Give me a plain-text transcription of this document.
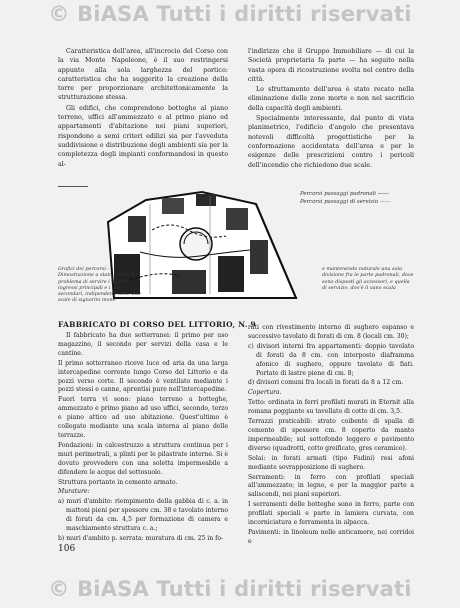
© BiASA Tutti i diritti riservati

Caratteristica dell'area, all'incrocio del Corso con la via Monte Napoleone, è il suo restringersi appunto alla sola larghezza del portico: caratteristica che ha suggerito la creazione della torre per proporzionare architettonicamente la strutturazione stessa.

Gli edifici, che comprendono botteghe al piano terreno, uffici all'ammezzato e al primo piano ed appartamenti d'abitazione nei piani superiori, rispondono a semi criteri edilizi sia per l'avveduta suddivisione e distribuzione degli ambienti sia per la completezza degli impianti conformandosi in questo al-

l'indirizzo che il Gruppo Immobiliare — di cui la Società proprietaria fa parte — ha seguito nella vasta opera di ricostruzione svolta nel centro della città.

Lo sfruttamento dell'area è stato recato nella eliminazione delle zone morte e non nel sacrificio della capacità degli ambienti.

Specialmente interessante, dal punto di vista planimetrico, l'edificio d'angolo che presentava notevoli difficoltà progettistiche per la conformazione accidentata dell'area e per le esigenze delle prescrizioni contro i pericoli dell'incendio che richiedono due scale.

Percorsi passaggi padronali ------
Percorsi passaggi di servizio ——
Grafici dei percorsi - Dimostrazione a stato risolto il problema di servire i quattro ingressi principali e i due secondari, indipendenti delle due scale di signorini mone
e mantenendo naturale una sola divisione fra le parte padronali, dove sono disposti gli accessori, e quella di servizio, dov'è il vano scala
FABBRICATO DI CORSO DEL LITTORIO, N. 9

Il fabbricato ha due sotterranei: il primo per uso magazzino, il secondo per servizi della casa e le cantine.

Il primo sotterraneo riceve luce ed aria da una larga intercapedine corrente lungo Corso del Littorio e da pozzi verso corte. Il secondo è ventilato mediante i pozzi stessi e canne, aprentisi pure nell'intercapedine.

Fuori terra vi sono: piano terreno a botteghe, ammezzato e primo piano ad uso uffici, secondo, terzo e piano attico ad uso abitazione. Quest'ultimo è collegato mediante una scala interna al piano delle terrazze.

Fondazioni: in calcestruzzo a struttura continua per i muri perimetrali, a plinti per le pilastrate interne. Si è dovuto provvedere con una soletta impermeabile a difendere le acque del sottosuolo.

Struttura portante in cemento armato.

Murature:

a) muri d'ambito: riempimento della gabbia di c. a. in mattoni pieni per spessore cm. 38 e tavolato interno di forati da cm. 4,5 per formazione di camera e maschiamento struttura c. a.;

b) muri d'ambito p. serrata: muratura di cm. 25 in fo-

rati con rivestimento interno di sughero espanso e successivo tavolato di forati di cm. 8 (locali cm. 30);

c) divisori interni fra appartamenti: doppio tavolato di forati da 8 cm. con interposto diaframma afonico di sughero, oppure tavolato di fiati. Portate di lastre piene di cm. 8;

d) divisori comuni fra locali in forati da 8 a 12 cm.

Copertura.

Tetto: ordinata in ferri profilati murati in Eternit alla romana poggiante su tavellato di cotto di cm. 3,5.

Terrazzi praticabili: strato coibente di spalla di cemento di spessore cm. 8 coperto da manto impermeabile; sul sottofondo leggero e pavimento diverso (quadrotti, cotto greificato, gres ceramico).

Solai: in forati armati (tipo Fadini) resi afoni mediante sovrapposizione di sughero.

Serramenti: in ferro con profilati speciali all'ammezzato; in legno, e per la maggior parte a saliscendi, nei piani superiori.

I serramenti delle botteghe sono in ferro, parte con profilati speciali e parte in lamiera curvata, con incorniciatura e ferramenta in alpacca.

Pavimenti: in linoleum nelle anticamere, nei corridoi e

106
© BiASA Tutti i diritti riservati
